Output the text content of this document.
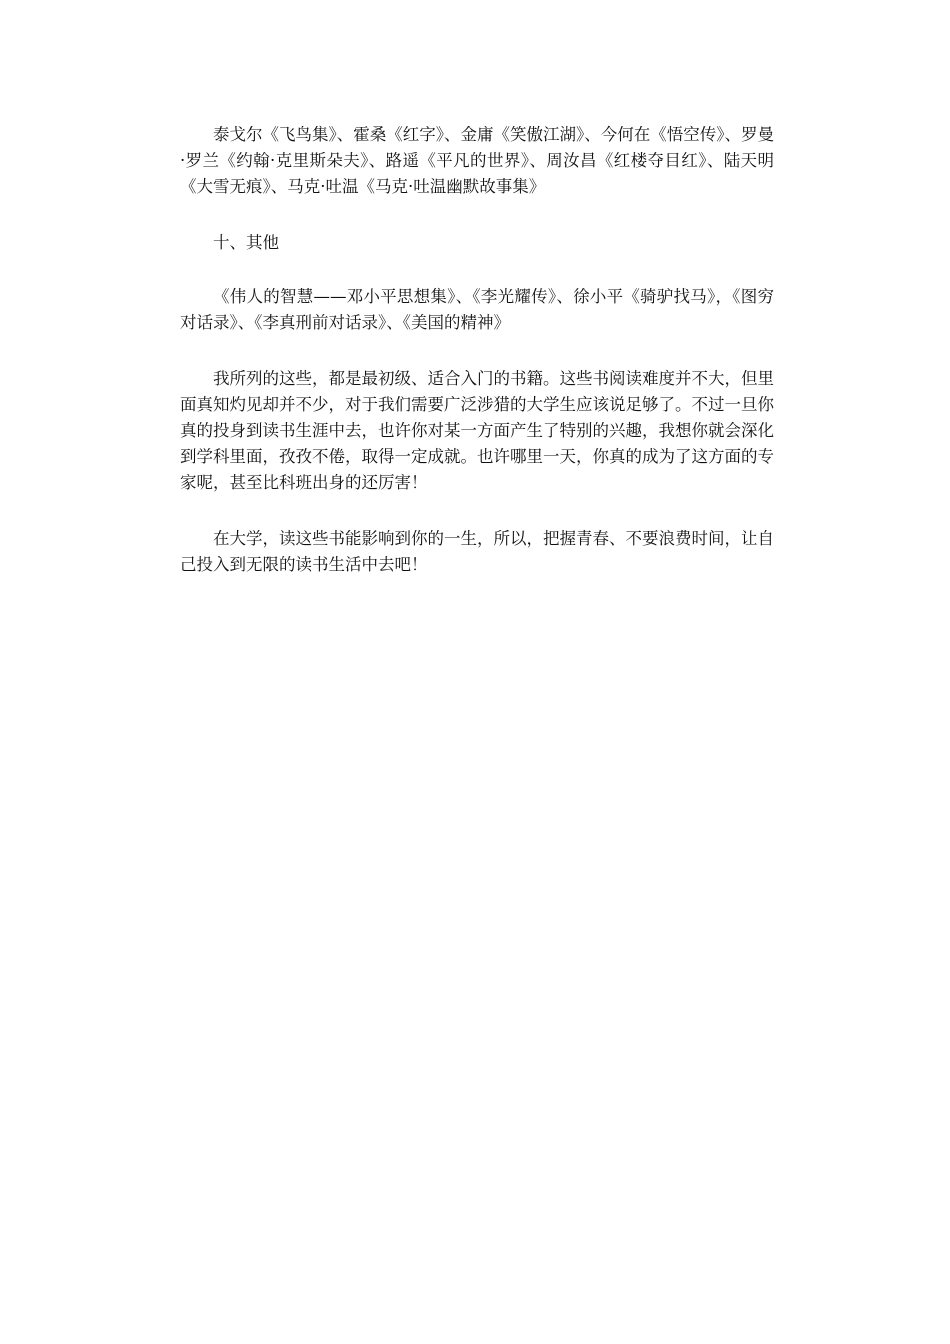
泰戈尔《飞鸟集》、霍桑《红字》、金庸《笑傲江湖》、今何在《悟空传》、罗曼·罗兰《约翰·克里斯朵夫》、路遥《平凡的世界》、周汝昌《红楼夺目红》、陆天明《大雪无痕》、马克·吐温《马克·吐温幽默故事集》

十、其他

《伟人的智慧——邓小平思想集》、《李光耀传》、徐小平《骑驴找马》，《图穷对话录》、《李真刑前对话录》、《美国的精神》

我所列的这些，都是最初级、适合入门的书籍。这些书阅读难度并不大，但里面真知灼见却并不少，对于我们需要广泛涉猎的大学生应该说足够了。不过一旦你真的投身到读书生涯中去，也许你对某一方面产生了特别的兴趣，我想你就会深化到学科里面，孜孜不倦，取得一定成就。也许哪里一天，你真的成为了这方面的专家呢，甚至比科班出身的还厉害！

在大学，读这些书能影响到你的一生，所以，把握青春、不要浪费时间，让自己投入到无限的读书生活中去吧！
